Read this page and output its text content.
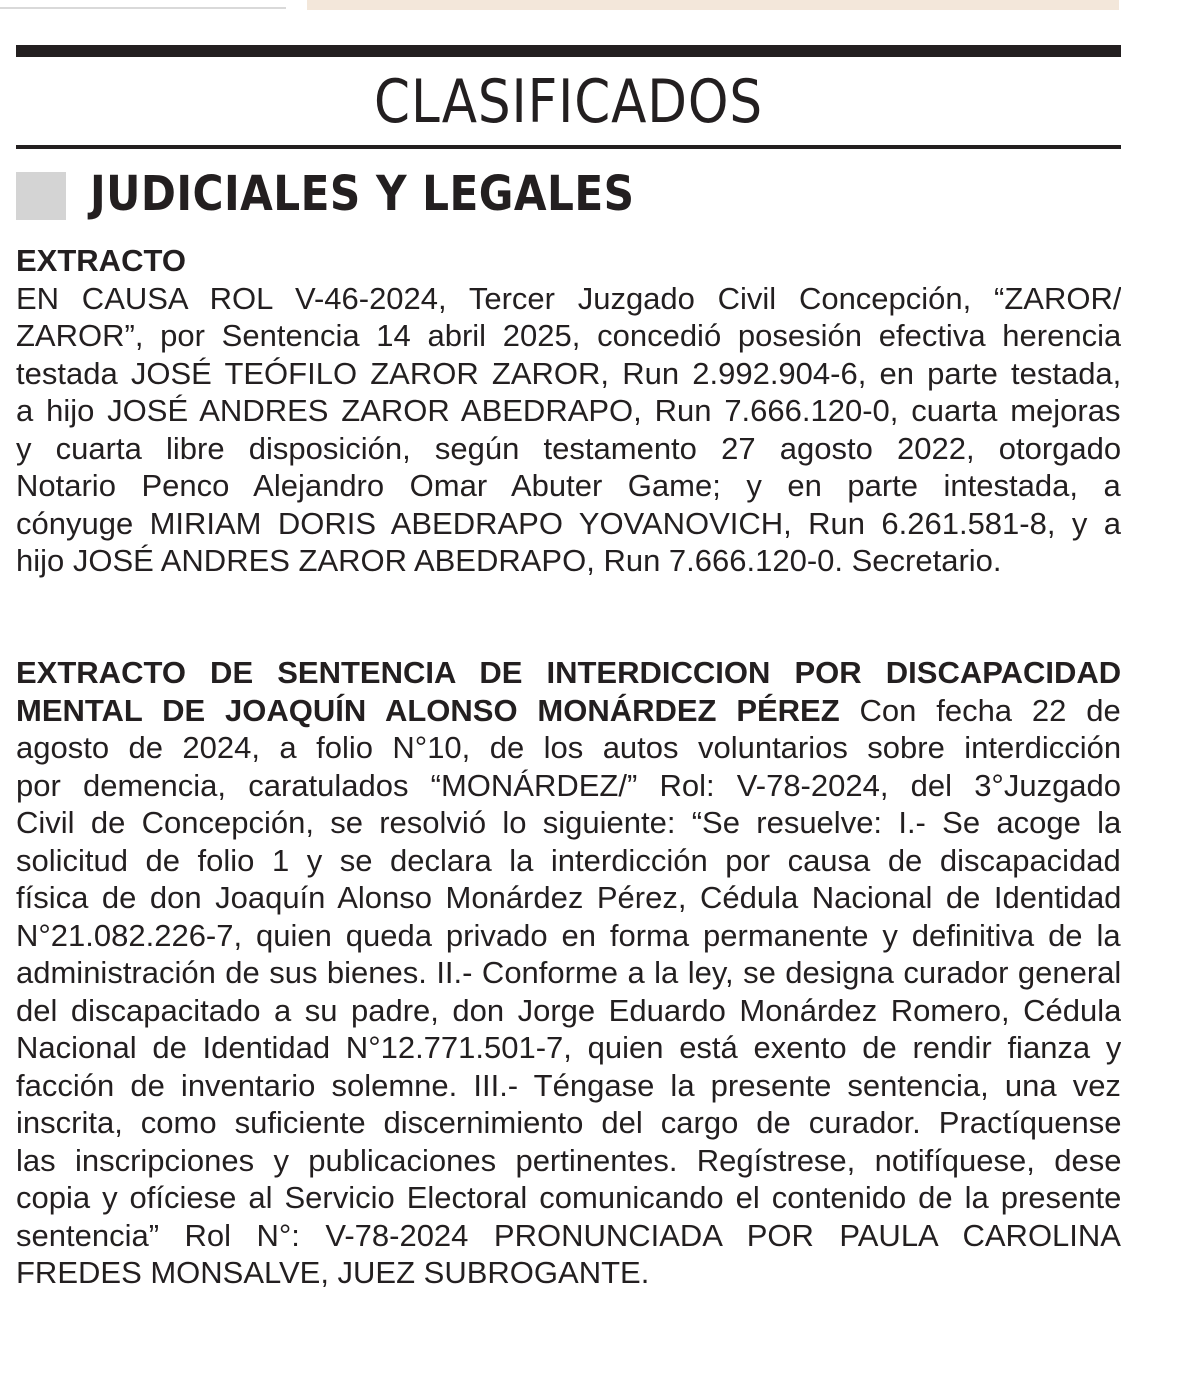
CLASIFICADOS
JUDICIALES Y LEGALES
EXTRACTO
EN CAUSA ROL V-46-2024, Tercer Juzgado Civil Concepción, “ZAROR/
ZAROR”, por Sentencia 14 abril 2025, concedió posesión efectiva herencia
testada JOSÉ TEÓFILO ZAROR ZAROR, Run 2.992.904-6, en parte testada,
a hijo JOSÉ ANDRES ZAROR ABEDRAPO, Run 7.666.120-0, cuarta mejoras
y cuarta libre disposición, según testamento 27 agosto 2022, otorgado
Notario Penco Alejandro Omar Abuter Game; y en parte intestada, a
cónyuge MIRIAM DORIS ABEDRAPO YOVANOVICH, Run 6.261.581-8, y a
hijo JOSÉ ANDRES ZAROR ABEDRAPO, Run 7.666.120-0. Secretario.
EXTRACTO DE SENTENCIA DE INTERDICCION POR DISCAPACIDAD
MENTAL DE JOAQUÍN ALONSO MONÁRDEZ PÉREZ Con fecha 22 de
agosto de 2024, a folio N°10, de los autos voluntarios sobre interdicción
por demencia, caratulados “MONÁRDEZ/” Rol: V-78-2024, del 3°Juzgado
Civil de Concepción, se resolvió lo siguiente: “Se resuelve: I.- Se acoge la
solicitud de folio 1 y se declara la interdicción por causa de discapacidad
física de don Joaquín Alonso Monárdez Pérez, Cédula Nacional de Identidad
N°21.082.226-7, quien queda privado en forma permanente y definitiva de la
administración de sus bienes. II.- Conforme a la ley, se designa curador general
del discapacitado a su padre, don Jorge Eduardo Monárdez Romero, Cédula
Nacional de Identidad N°12.771.501-7, quien está exento de rendir fianza y
facción de inventario solemne. III.- Téngase la presente sentencia, una vez
inscrita, como suficiente discernimiento del cargo de curador. Practíquense
las inscripciones y publicaciones pertinentes. Regístrese, notifíquese, dese
copia y ofíciese al Servicio Electoral comunicando el contenido de la presente
sentencia” Rol N°: V-78-2024 PRONUNCIADA POR PAULA CAROLINA
FREDES MONSALVE, JUEZ SUBROGANTE.
